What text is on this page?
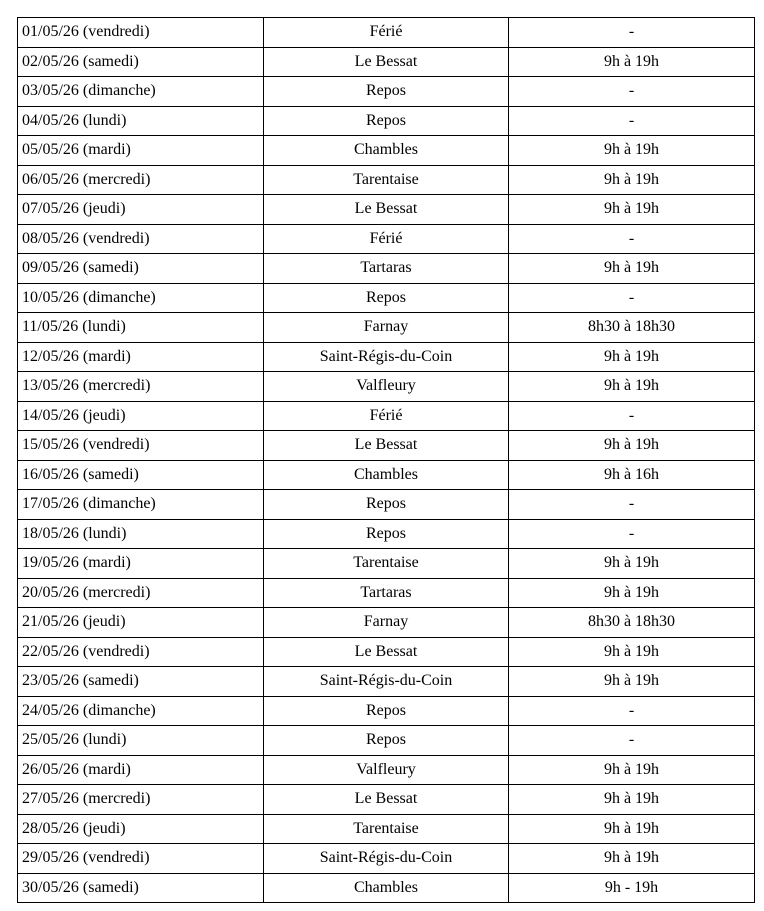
01/05/26 (vendredi)	Férié	-
02/05/26 (samedi)	Le Bessat	9h à 19h
03/05/26 (dimanche)	Repos	-
04/05/26 (lundi)	Repos	-
05/05/26 (mardi)	Chambles	9h à 19h
06/05/26 (mercredi)	Tarentaise	9h à 19h
07/05/26 (jeudi)	Le Bessat	9h à 19h
08/05/26 (vendredi)	Férié	-
09/05/26 (samedi)	Tartaras	9h à 19h
10/05/26 (dimanche)	Repos	-
11/05/26 (lundi)	Farnay	8h30 à 18h30
12/05/26 (mardi)	Saint-Régis-du-Coin	9h à 19h
13/05/26 (mercredi)	Valfleury	9h à 19h
14/05/26 (jeudi)	Férié	-
15/05/26 (vendredi)	Le Bessat	9h à 19h
16/05/26 (samedi)	Chambles	9h à 16h
17/05/26 (dimanche)	Repos	-
18/05/26 (lundi)	Repos	-
19/05/26 (mardi)	Tarentaise	9h à 19h
20/05/26 (mercredi)	Tartaras	9h à 19h
21/05/26 (jeudi)	Farnay	8h30 à 18h30
22/05/26 (vendredi)	Le Bessat	9h à 19h
23/05/26 (samedi)	Saint-Régis-du-Coin	9h à 19h
24/05/26 (dimanche)	Repos	-
25/05/26 (lundi)	Repos	-
26/05/26 (mardi)	Valfleury	9h à 19h
27/05/26 (mercredi)	Le Bessat	9h à 19h
28/05/26 (jeudi)	Tarentaise	9h à 19h
29/05/26 (vendredi)	Saint-Régis-du-Coin	9h à 19h
30/05/26 (samedi)	Chambles	9h - 19h
